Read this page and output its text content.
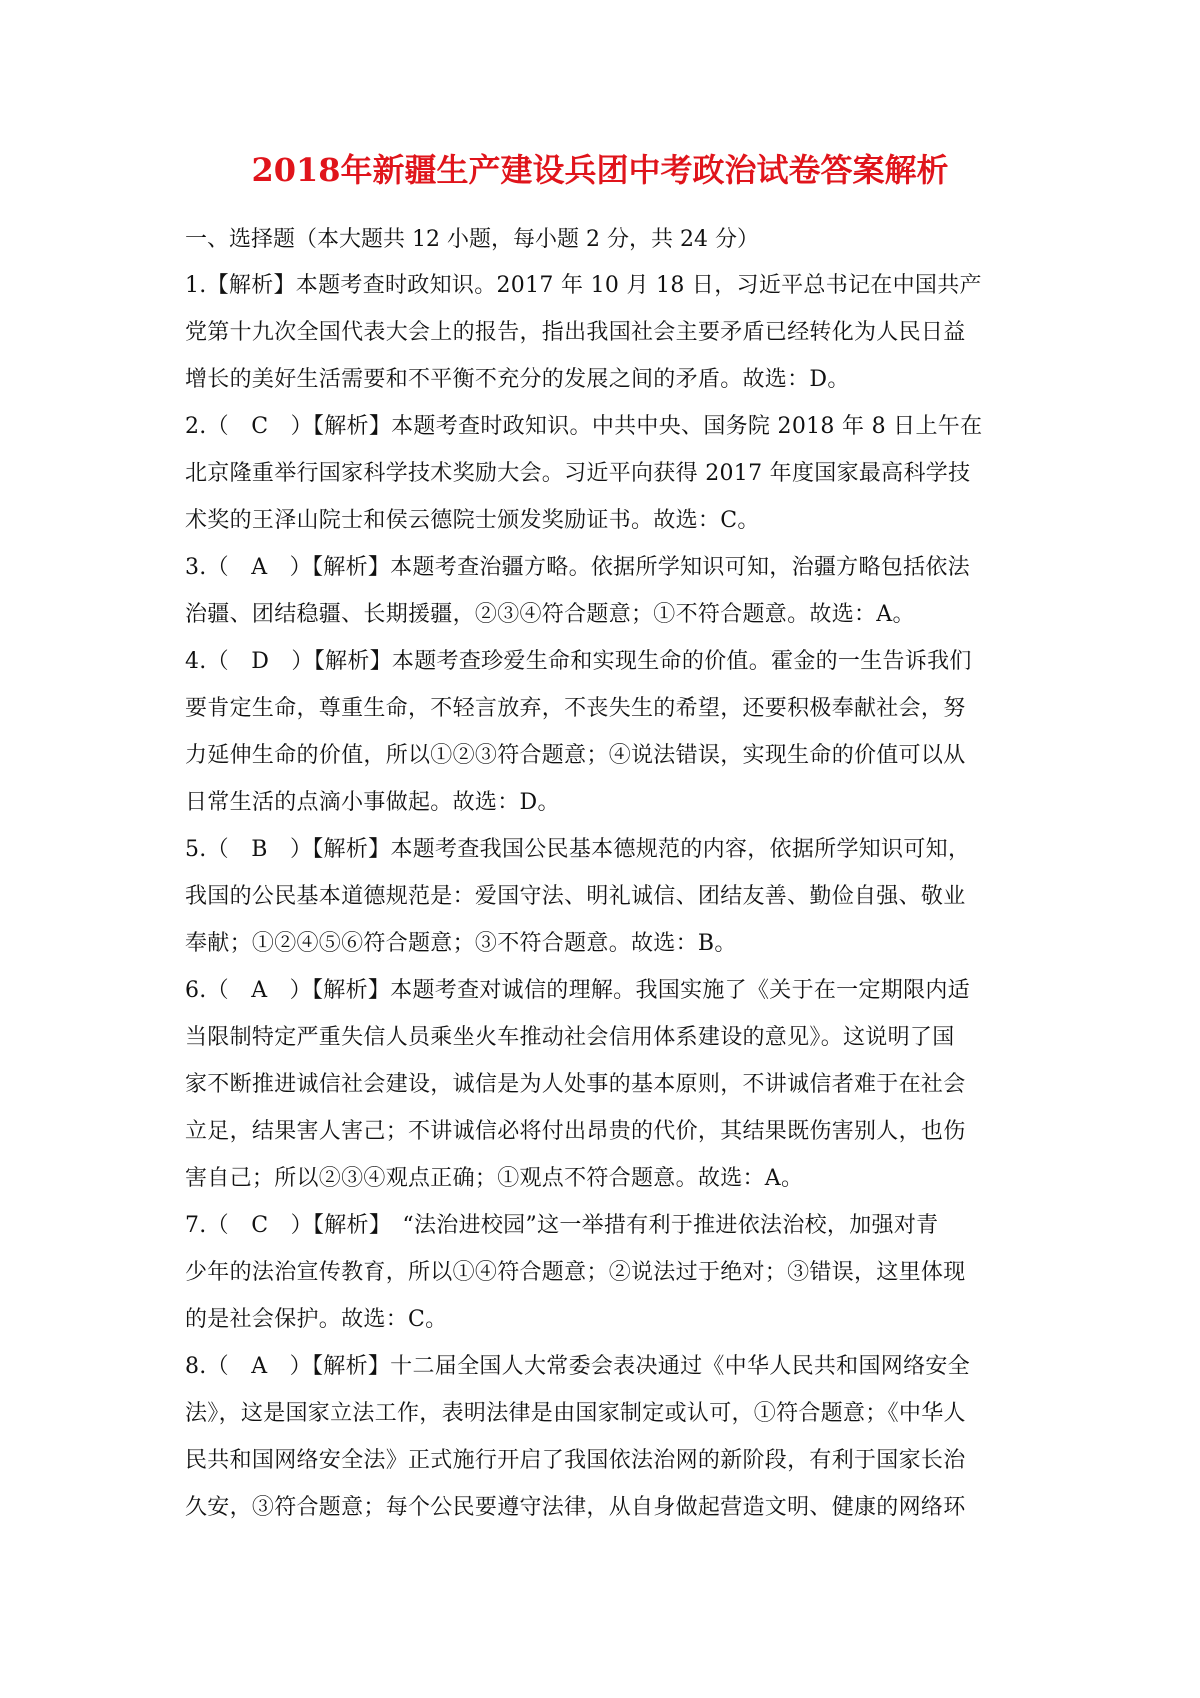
2018年新疆生产建设兵团中考政治试卷答案解析
一、选择题（本大题共 12 小题，每小题 2 分，共 24 分）
1.【解析】本题考查时政知识。2017 年 10 月 18 日，习近平总书记在中国共产
党第十九次全国代表大会上的报告，指出我国社会主要矛盾已经转化为人民日益
增长的美好生活需要和不平衡不充分的发展之间的矛盾。故选：D。
2.（　C　）【解析】本题考查时政知识。中共中央、国务院 2018 年 8 日上午在
北京隆重举行国家科学技术奖励大会。习近平向获得 2017 年度国家最高科学技
术奖的王泽山院士和侯云德院士颁发奖励证书。故选：C。
3.（　A　）【解析】本题考查治疆方略。依据所学知识可知，治疆方略包括依法
治疆、团结稳疆、长期援疆，②③④符合题意；①不符合题意。故选：A。
4.（　D　）【解析】本题考查珍爱生命和实现生命的价值。霍金的一生告诉我们
要肯定生命，尊重生命，不轻言放弃，不丧失生的希望，还要积极奉献社会，努
力延伸生命的价值，所以①②③符合题意；④说法错误，实现生命的价值可以从
日常生活的点滴小事做起。故选：D。
5.（　B　）【解析】本题考查我国公民基本德规范的内容，依据所学知识可知，
我国的公民基本道德规范是：爱国守法、明礼诚信、团结友善、勤俭自强、敬业
奉献；①②④⑤⑥符合题意；③不符合题意。故选：B。
6.（　A　）【解析】本题考查对诚信的理解。我国实施了《关于在一定期限内适
当限制特定严重失信人员乘坐火车推动社会信用体系建设的意见》。这说明了国
家不断推进诚信社会建设，诚信是为人处事的基本原则，不讲诚信者难于在社会
立足，结果害人害己；不讲诚信必将付出昂贵的代价，其结果既伤害别人，也伤
害自己；所以②③④观点正确；①观点不符合题意。故选：A。
7.（　C　）【解析】　“法治进校园”这一举措有利于推进依法治校，加强对青
少年的法治宣传教育，所以①④符合题意；②说法过于绝对；③错误，这里体现
的是社会保护。故选：C。
8.（　A　）【解析】十二届全国人大常委会表决通过《中华人民共和国网络安全
法》，这是国家立法工作，表明法律是由国家制定或认可，①符合题意；《中华人
民共和国网络安全法》正式施行开启了我国依法治网的新阶段，有利于国家长治
久安，③符合题意；每个公民要遵守法律，从自身做起营造文明、健康的网络环
